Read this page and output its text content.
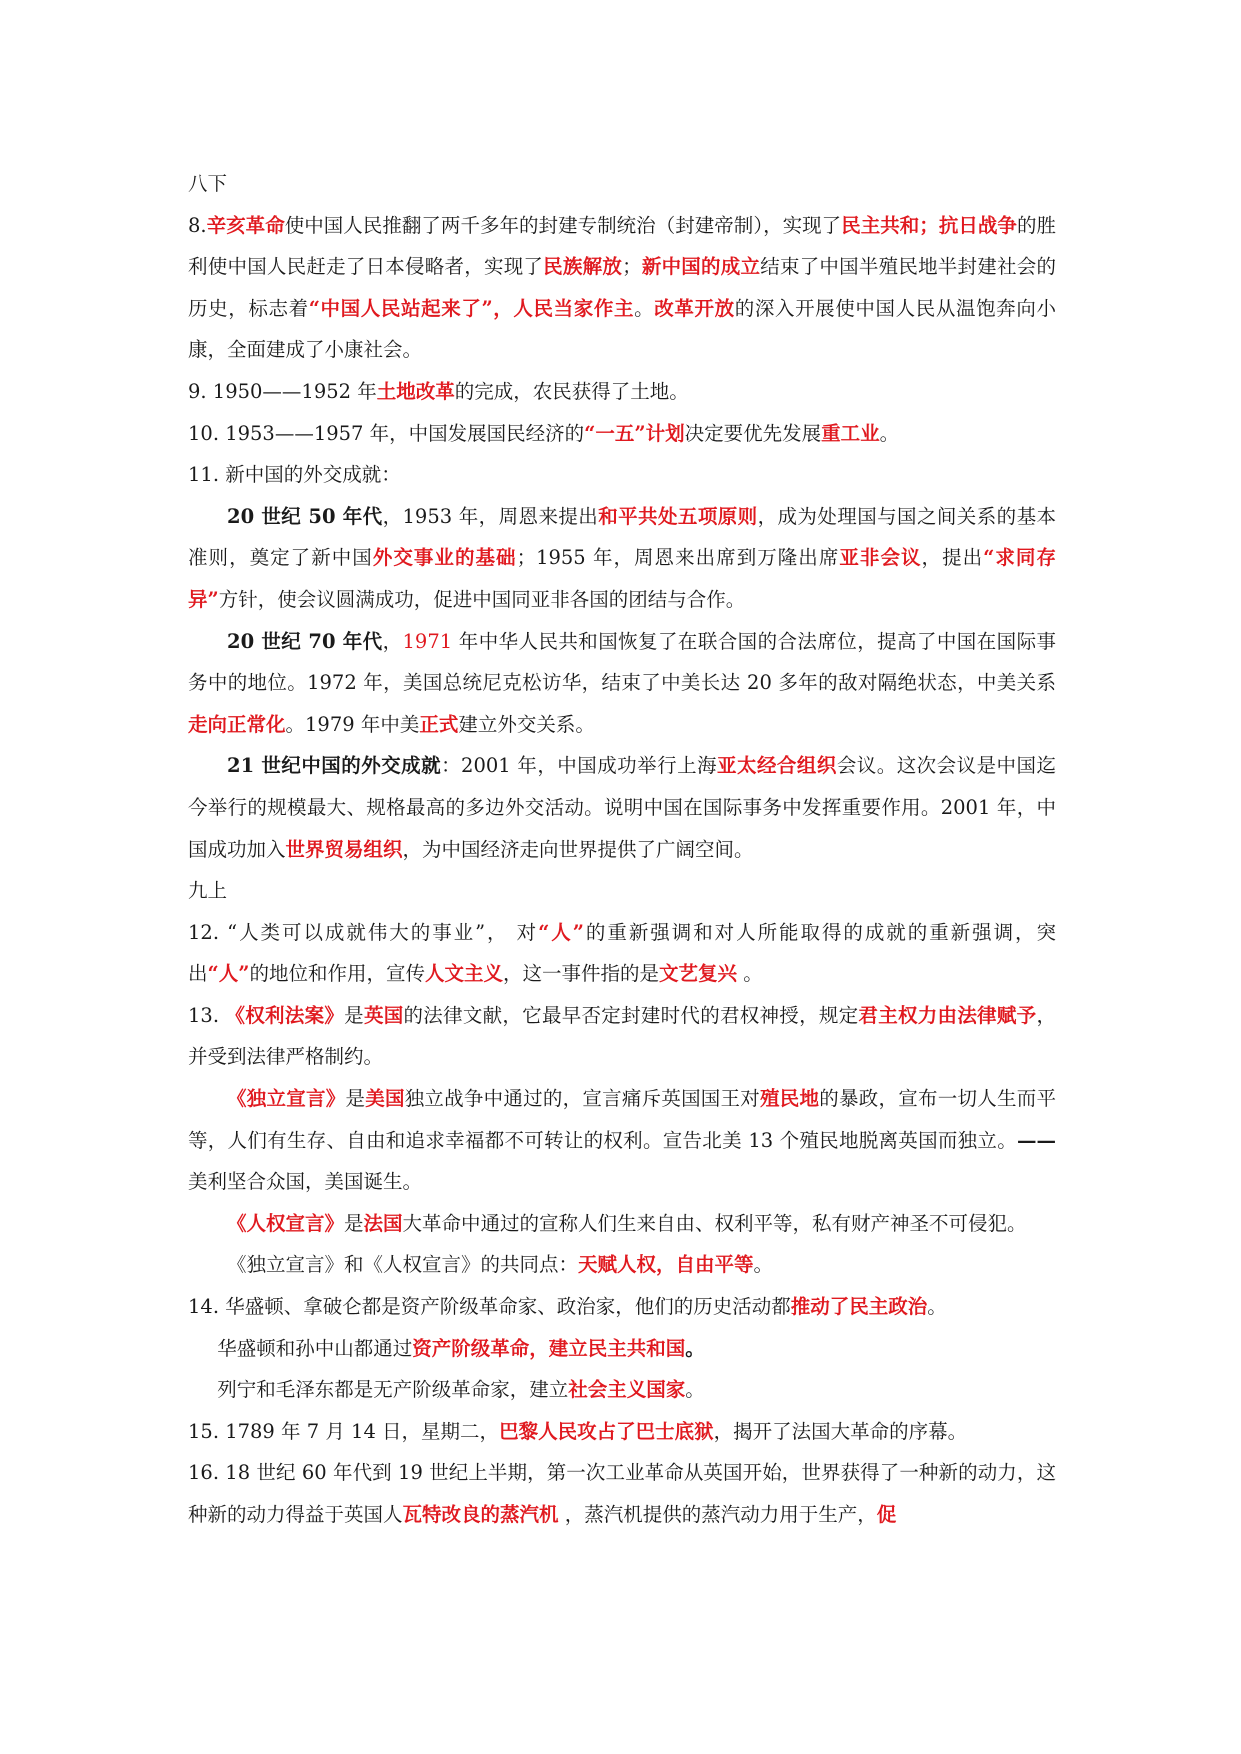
八下

8.辛亥革命使中国人民推翻了两千多年的封建专制统治（封建帝制），实现了民主共和；抗日战争的胜利使中国人民赶走了日本侵略者，实现了民族解放；新中国的成立结束了中国半殖民地半封建社会的历史，标志着“中国人民站起来了”，人民当家作主。改革开放的深入开展使中国人民从温饱奔向小康，全面建成了小康社会。

9. 1950——1952 年土地改革的完成，农民获得了土地。

10. 1953——1957 年，中国发展国民经济的“一五”计划决定要优先发展重工业。

11. 新中国的外交成就：

20 世纪 50 年代，1953 年，周恩来提出和平共处五项原则，成为处理国与国之间关系的基本准则，奠定了新中国外交事业的基础；1955 年，周恩来出席到万隆出席亚非会议，提出“求同存异”方针，使会议圆满成功，促进中国同亚非各国的团结与合作。

20 世纪 70 年代，1971 年中华人民共和国恢复了在联合国的合法席位，提高了中国在国际事务中的地位。1972 年，美国总统尼克松访华，结束了中美长达 20 多年的敌对隔绝状态，中美关系走向正常化。1979 年中美正式建立外交关系。

21 世纪中国的外交成就：2001 年，中国成功举行上海亚太经合组织会议。这次会议是中国迄今举行的规模最大、规格最高的多边外交活动。说明中国在国际事务中发挥重要作用。2001 年，中国成功加入世界贸易组织，为中国经济走向世界提供了广阔空间。

九上

12. “人类可以成就伟大的事业”， 对“人”的重新强调和对人所能取得的成就的重新强调，突出“人”的地位和作用，宣传人文主义，这一事件指的是文艺复兴 。

13. 《权利法案》是英国的法律文献，它最早否定封建时代的君权神授，规定君主权力由法律赋予，并受到法律严格制约。

《独立宣言》是美国独立战争中通过的，宣言痛斥英国国王对殖民地的暴政，宣布一切人生而平等，人们有生存、自由和追求幸福都不可转让的权利。宣告北美 13 个殖民地脱离英国而独立。——美利坚合众国，美国诞生。

《人权宣言》是法国大革命中通过的宣称人们生来自由、权利平等，私有财产神圣不可侵犯。

《独立宣言》和《人权宣言》的共同点：天赋人权，自由平等。

14. 华盛顿、拿破仑都是资产阶级革命家、政治家，他们的历史活动都推动了民主政治。

华盛顿和孙中山都通过资产阶级革命，建立民主共和国。

列宁和毛泽东都是无产阶级革命家，建立社会主义国家。

15. 1789 年 7 月 14 日，星期二，巴黎人民攻占了巴士底狱，揭开了法国大革命的序幕。

16. 18 世纪 60 年代到 19 世纪上半期，第一次工业革命从英国开始，世界获得了一种新的动力，这种新的动力得益于英国人瓦特改良的蒸汽机 ，蒸汽机提供的蒸汽动力用于生产，促
